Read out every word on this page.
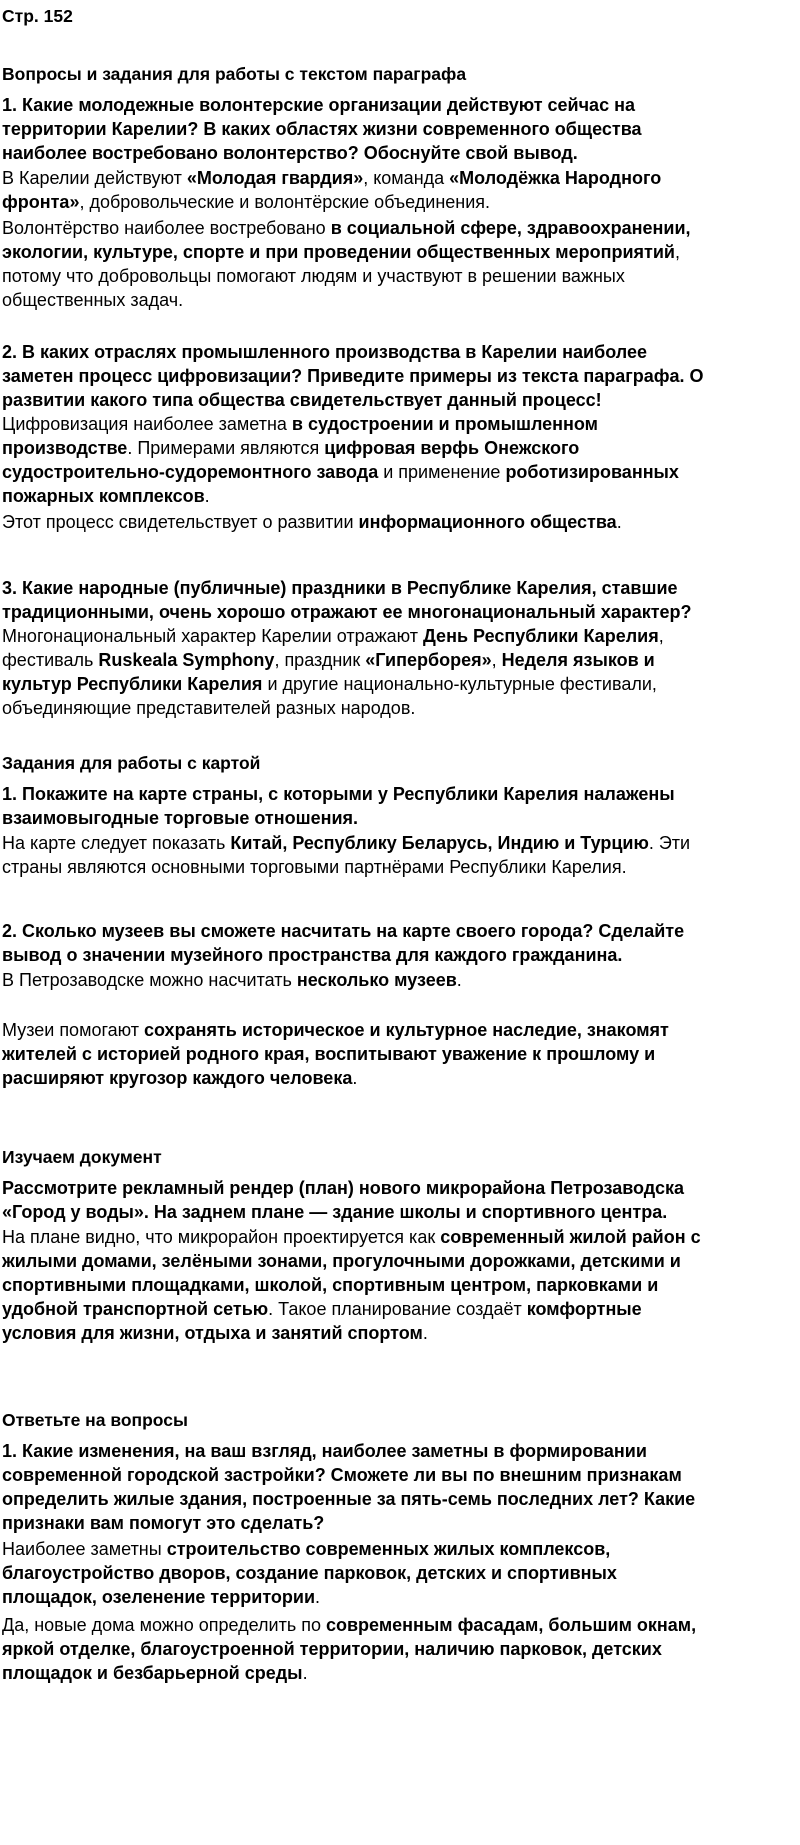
Стр. 152
Вопросы и задания для работы с текстом параграфа
1. Какие молодежные волонтерские организации действуют сейчас на
территории Карелии? В каких областях жизни современного общества
наиболее востребовано волонтерство? Обоснуйте свой вывод.
В Карелии действуют «Молодая гвардия», команда «Молодёжка Народного
фронта», добровольческие и волонтёрские объединения.
Волонтёрство наиболее востребовано в социальной сфере, здравоохранении,
экологии, культуре, спорте и при проведении общественных мероприятий,
потому что добровольцы помогают людям и участвуют в решении важных
общественных задач.
2. В каких отраслях промышленного производства в Карелии наиболее
заметен процесс цифровизации? Приведите примеры из текста параграфа. О
развитии какого типа общества свидетельствует данный процесс!
Цифровизация наиболее заметна в судостроении и промышленном
производстве. Примерами являются цифровая верфь Онежского
судостроительно-судоремонтного завода и применение роботизированных
пожарных комплексов.
Этот процесс свидетельствует о развитии информационного общества.
3. Какие народные (публичные) праздники в Республике Карелия, ставшие
традиционными, очень хорошо отражают ее многонациональный характер?
Многонациональный характер Карелии отражают День Республики Карелия,
фестиваль Ruskeala Symphony, праздник «Гиперборея», Неделя языков и
культур Республики Карелия и другие национально-культурные фестивали,
объединяющие представителей разных народов.
Задания для работы с картой
1. Покажите на карте страны, с которыми у Республики Карелия налажены
взаимовыгодные торговые отношения.
На карте следует показать Китай, Республику Беларусь, Индию и Турцию. Эти
страны являются основными торговыми партнёрами Республики Карелия.
2. Сколько музеев вы сможете насчитать на карте своего города? Сделайте
вывод о значении музейного пространства для каждого гражданина.
В Петрозаводске можно насчитать несколько музеев.
Музеи помогают сохранять историческое и культурное наследие, знакомят
жителей с историей родного края, воспитывают уважение к прошлому и
расширяют кругозор каждого человека.
Изучаем документ
Рассмотрите рекламный рендер (план) нового микрорайона Петрозаводска
«Город у воды». На заднем плане — здание школы и спортивного центра.
На плане видно, что микрорайон проектируется как современный жилой район с
жилыми домами, зелёными зонами, прогулочными дорожками, детскими и
спортивными площадками, школой, спортивным центром, парковками и
удобной транспортной сетью. Такое планирование создаёт комфортные
условия для жизни, отдыха и занятий спортом.
Ответьте на вопросы
1. Какие изменения, на ваш взгляд, наиболее заметны в формировании
современной городской застройки? Сможете ли вы по внешним признакам
определить жилые здания, построенные за пять-семь последних лет? Какие
признаки вам помогут это сделать?
Наиболее заметны строительство современных жилых комплексов,
благоустройство дворов, создание парковок, детских и спортивных
площадок, озеленение территории.
Да, новые дома можно определить по современным фасадам, большим окнам,
яркой отделке, благоустроенной территории, наличию парковок, детских
площадок и безбарьерной среды.
